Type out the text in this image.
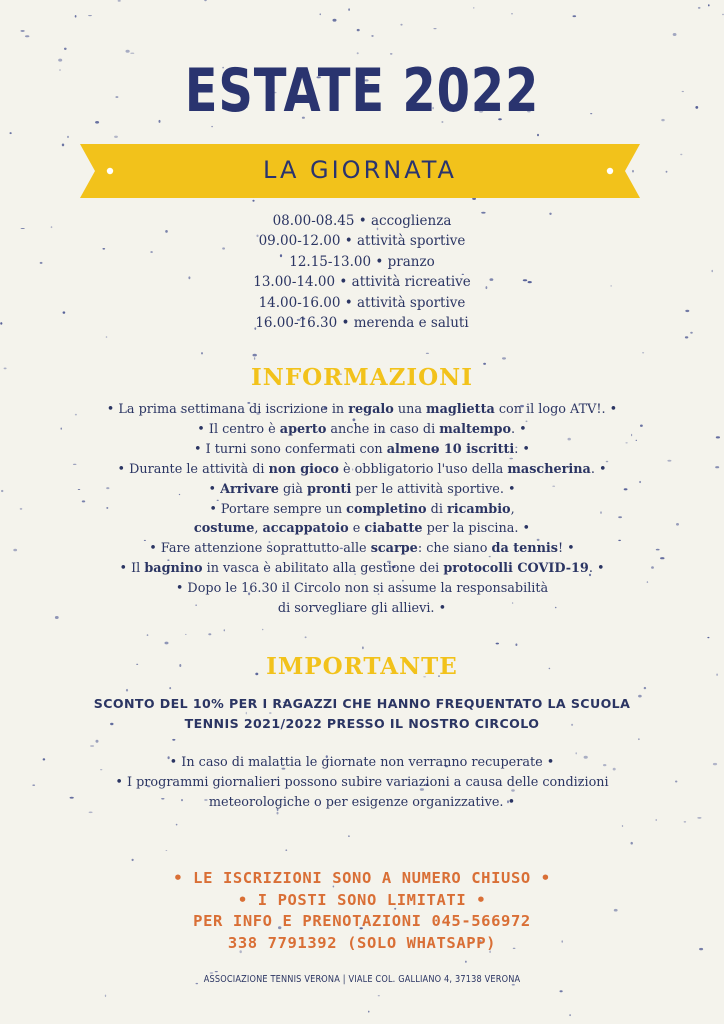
ESTATE 2022
LA GIORNATA
08.00-08.45 • accoglienza
09.00-12.00 • attività sportive
12.15-13.00 • pranzo
13.00-14.00 • attività ricreative
14.00-16.00 • attività sportive
16.00-16.30 • merenda e saluti
INFORMAZIONI
• La prima settimana di iscrizione in regalo una maglietta con il logo ATV!. •
• Il centro è aperto anche in caso di maltempo. •
• I turni sono confermati con almeno 10 iscritti. •
• Durante le attività di non gioco è obbligatorio l'uso della mascherina. •
• Arrivare già pronti per le attività sportive. •
• Portare sempre un completino di ricambio,
costume, accappatoio e ciabatte per la piscina. •
• Fare attenzione soprattutto alle scarpe: che siano da tennis! •
• Il bagnino in vasca è abilitato alla gestione dei protocolli COVID-19. •
• Dopo le 16.30 il Circolo non si assume la responsabilità
di sorvegliare gli allievi. •
IMPORTANTE
SCONTO DEL 10% PER I RAGAZZI CHE HANNO FREQUENTATO LA SCUOLA
TENNIS 2021/2022 PRESSO IL NOSTRO CIRCOLO
• In caso di malattia le giornate non verranno recuperate •
• I programmi giornalieri possono subire variazioni a causa delle condizioni
meteorologiche o per esigenze organizzative. •
• LE ISCRIZIONI SONO A NUMERO CHIUSO •
• I POSTI SONO LIMITATI •
PER INFO E PRENOTAZIONI 045-566972
338 7791392 (SOLO WHATSAPP)
ASSOCIAZIONE TENNIS VERONA | VIALE COL. GALLIANO 4, 37138 VERONA
